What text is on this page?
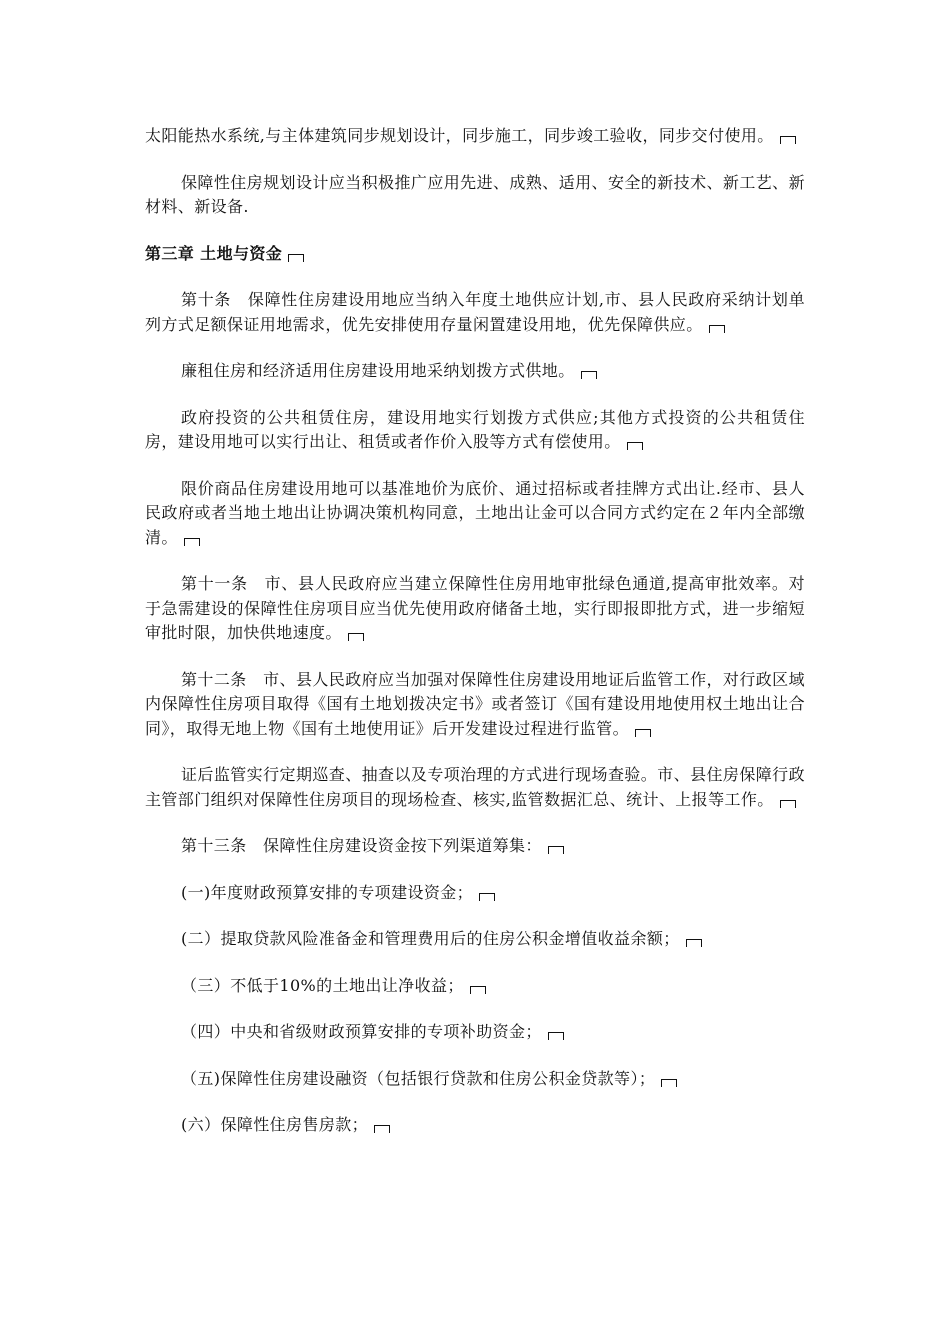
太阳能热水系统,与主体建筑同步规划设计，同步施工，同步竣工验收，同步交付使用。

保障性住房规划设计应当积极推广应用先进、成熟、适用、安全的新技术、新工艺、新材料、新设备.

第三章 土地与资金

第十条　保障性住房建设用地应当纳入年度土地供应计划,市、县人民政府采纳计划单列方式足额保证用地需求，优先安排使用存量闲置建设用地，优先保障供应。

廉租住房和经济适用住房建设用地采纳划拨方式供地。

政府投资的公共租赁住房，建设用地实行划拨方式供应;其他方式投资的公共租赁住房，建设用地可以实行出让、租赁或者作价入股等方式有偿使用。

限价商品住房建设用地可以基准地价为底价、通过招标或者挂牌方式出让.经市、县人民政府或者当地土地出让协调决策机构同意，土地出让金可以合同方式约定在２年内全部缴清。

第十一条　市、县人民政府应当建立保障性住房用地审批绿色通道,提高审批效率。对于急需建设的保障性住房项目应当优先使用政府储备土地，实行即报即批方式，进一步缩短审批时限，加快供地速度。

第十二条　市、县人民政府应当加强对保障性住房建设用地证后监管工作，对行政区域内保障性住房项目取得《国有土地划拨决定书》或者签订《国有建设用地使用权土地出让合同》，取得无地上物《国有土地使用证》后开发建设过程进行监管。

证后监管实行定期巡查、抽查以及专项治理的方式进行现场查验。市、县住房保障行政主管部门组织对保障性住房项目的现场检查、核实,监管数据汇总、统计、上报等工作。

第十三条　保障性住房建设资金按下列渠道筹集：

(一)年度财政预算安排的专项建设资金；

(二）提取贷款风险准备金和管理费用后的住房公积金增值收益余额；

（三）不低于10%的土地出让净收益；

（四）中央和省级财政预算安排的专项补助资金；

（五)保障性住房建设融资（包括银行贷款和住房公积金贷款等）；

(六）保障性住房售房款；
